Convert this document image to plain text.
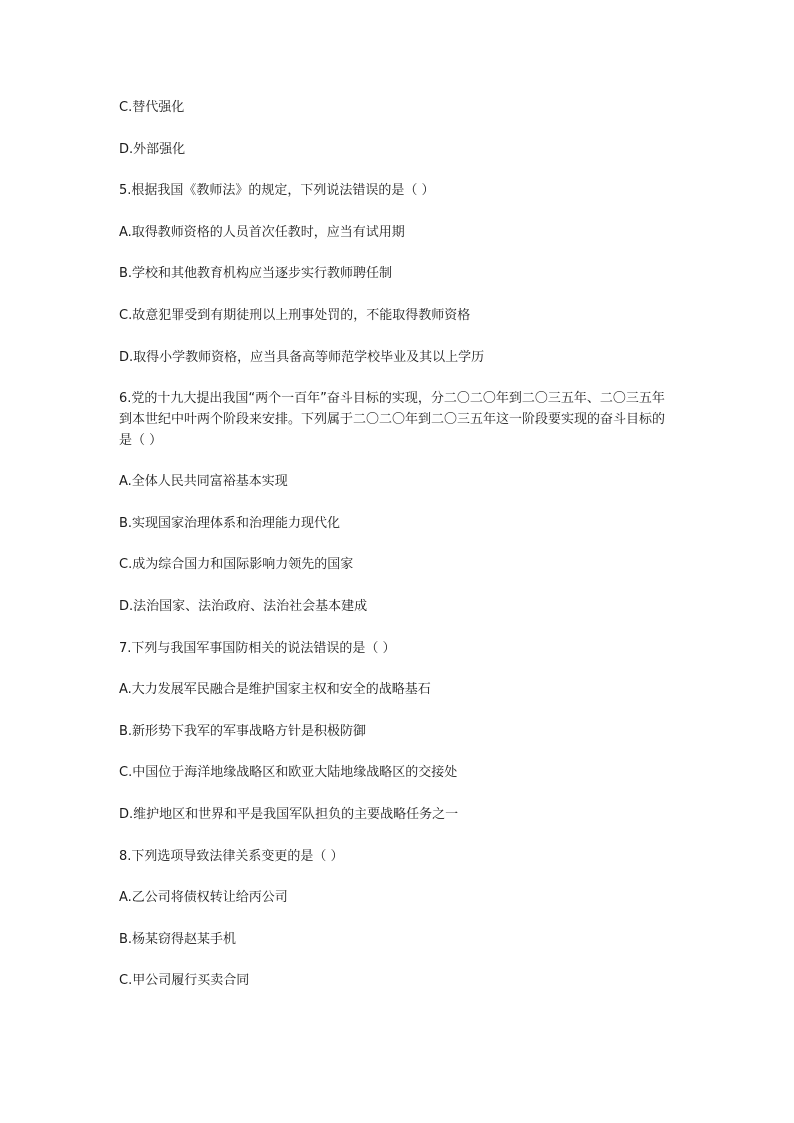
C.替代强化
D.外部强化
5.根据我国《教师法》的规定，下列说法错误的是（ ）
A.取得教师资格的人员首次任教时，应当有试用期
B.学校和其他教育机构应当逐步实行教师聘任制
C.故意犯罪受到有期徒刑以上刑事处罚的，不能取得教师资格
D.取得小学教师资格，应当具备高等师范学校毕业及其以上学历
6.党的十九大提出我国“两个一百年”奋斗目标的实现，分二〇二〇年到二〇三五年、二〇三五年到本世纪中叶两个阶段来安排。下列属于二〇二〇年到二〇三五年这一阶段要实现的奋斗目标的是（ ）
A.全体人民共同富裕基本实现
B.实现国家治理体系和治理能力现代化
C.成为综合国力和国际影响力领先的国家
D.法治国家、法治政府、法治社会基本建成
7.下列与我国军事国防相关的说法错误的是（ ）
A.大力发展军民融合是维护国家主权和安全的战略基石
B.新形势下我军的军事战略方针是积极防御
C.中国位于海洋地缘战略区和欧亚大陆地缘战略区的交接处
D.维护地区和世界和平是我国军队担负的主要战略任务之一
8.下列选项导致法律关系变更的是（ ）
A.乙公司将债权转让给丙公司
B.杨某窃得赵某手机
C.甲公司履行买卖合同
